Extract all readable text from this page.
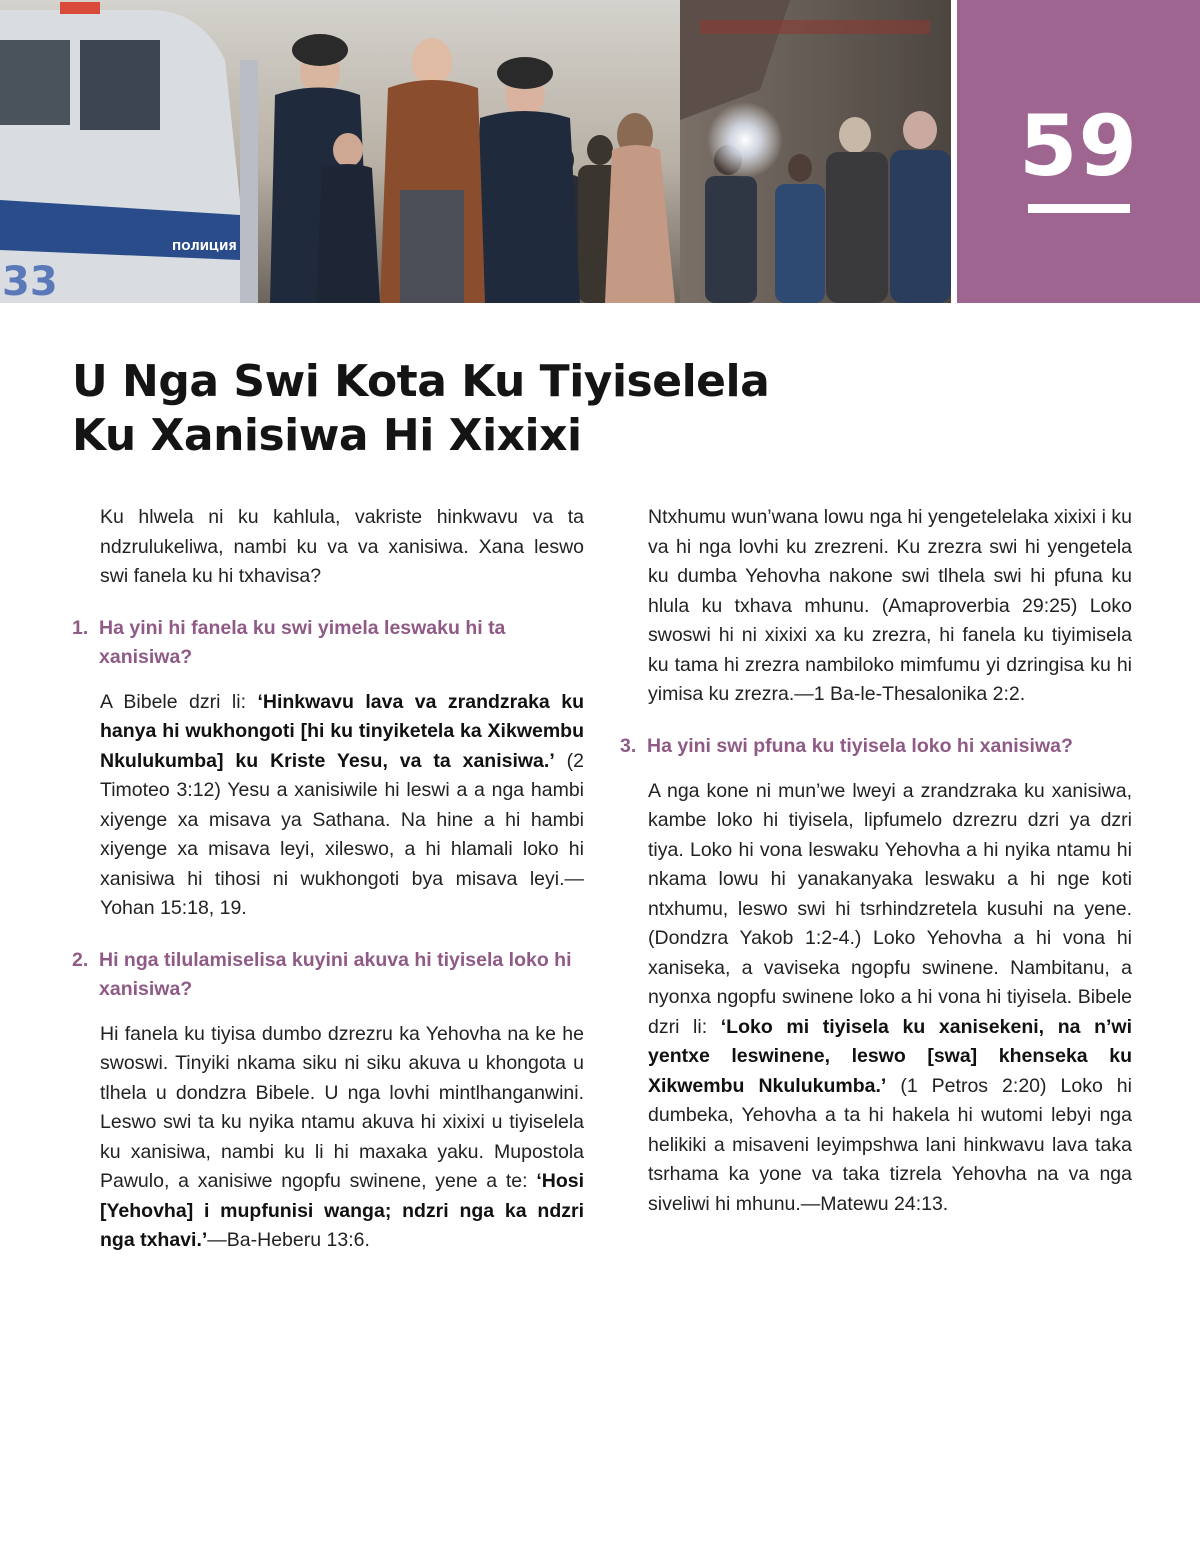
ПОЛИЦИЯ
33
59
U Nga Swi Kota Ku Tiyiselela
Ku Xanisiwa Hi Xixixi

Ku hlwela ni ku kahlula, vakriste hinkwavu va ta ndzrulukeliwa, nambi ku va va xanisiwa. Xana leswo swi fanela ku hi txhavisa?

1. Ha yini hi fanela ku swi yimela leswaku hi ta xanisiwa?

A Bibele dzri li: ‘Hinkwavu lava va zrandzraka ku hanya hi wukhongoti [hi ku tinyiketela ka Xikwembu Nkulukumba] ku Kriste Yesu, va ta xanisiwa.’ (2 Timoteo 3:12) Yesu a xanisiwile hi leswi a a nga hambi xiyenge xa misava ya Sathana. Na hine a hi hambi xiyenge xa misava leyi, xileswo, a hi hlamali loko hi xanisiwa hi tihosi ni wukhongoti bya misava leyi.—Yohan 15:18, 19.

2. Hi nga tilulamiselisa kuyini akuva hi tiyisela loko hi xanisiwa?

Hi fanela ku tiyisa dumbo dzrezru ka Yehovha na ke he swoswi. Tinyiki nkama siku ni siku akuva u khongota u tlhela u dondzra Bibele. U nga lovhi mintlhanganwini. Leswo swi ta ku nyika ntamu akuva hi xixixi u tiyiselela ku xanisiwa, nambi ku li hi maxaka yaku. Mupostola Pawulo, a xanisiwe ngopfu swinene, yene a te: ‘Hosi [Yehovha] i mupfunisi wanga; ndzri nga ka ndzri nga txhavi.’—Ba-Heberu 13:6.

Ntxhumu wun’wana lowu nga hi yengetelelaka xixixi i ku va hi nga lovhi ku zrezreni. Ku zrezra swi hi yengetela ku dumba Yehovha nakone swi tlhela swi hi pfuna ku hlula ku txhava mhunu. (Amaproverbia 29:25) Loko swoswi hi ni xixixi xa ku zrezra, hi fanela ku tiyimisela ku tama hi zrezra nambiloko mimfumu yi dzringisa ku hi yimisa ku zrezra.—1 Ba-le-Thesalonika 2:2.

3. Ha yini swi pfuna ku tiyisela loko hi xanisiwa?

A nga kone ni mun’we lweyi a zrandzraka ku xanisiwa, kambe loko hi tiyisela, lipfumelo dzrezru dzri ya dzri tiya. Loko hi vona leswaku Yehovha a hi nyika ntamu hi nkama lowu hi yanakanyaka leswaku a hi nge koti ntxhumu, leswo swi hi tsrhindzretela kusuhi na yene. (Dondzra Yakob 1:2-4.) Loko Yehovha a hi vona hi xaniseka, a vaviseka ngopfu swinene. Nambitanu, a nyonxa ngopfu swinene loko a hi vona hi tiyisela. Bibele dzri li: ‘Loko mi tiyisela ku xanisekeni, na n’wi yentxe leswinene, leswo [swa] khenseka ku Xikwembu Nkulukumba.’ (1 Petros 2:20) Loko hi dumbeka, Yehovha a ta hi hakela hi wutomi lebyi nga helikiki a misaveni leyimpshwa lani hinkwavu lava taka tsrhama ka yone va taka tizrela Yehovha na va nga siveliwi hi mhunu.—Matewu 24:13.
